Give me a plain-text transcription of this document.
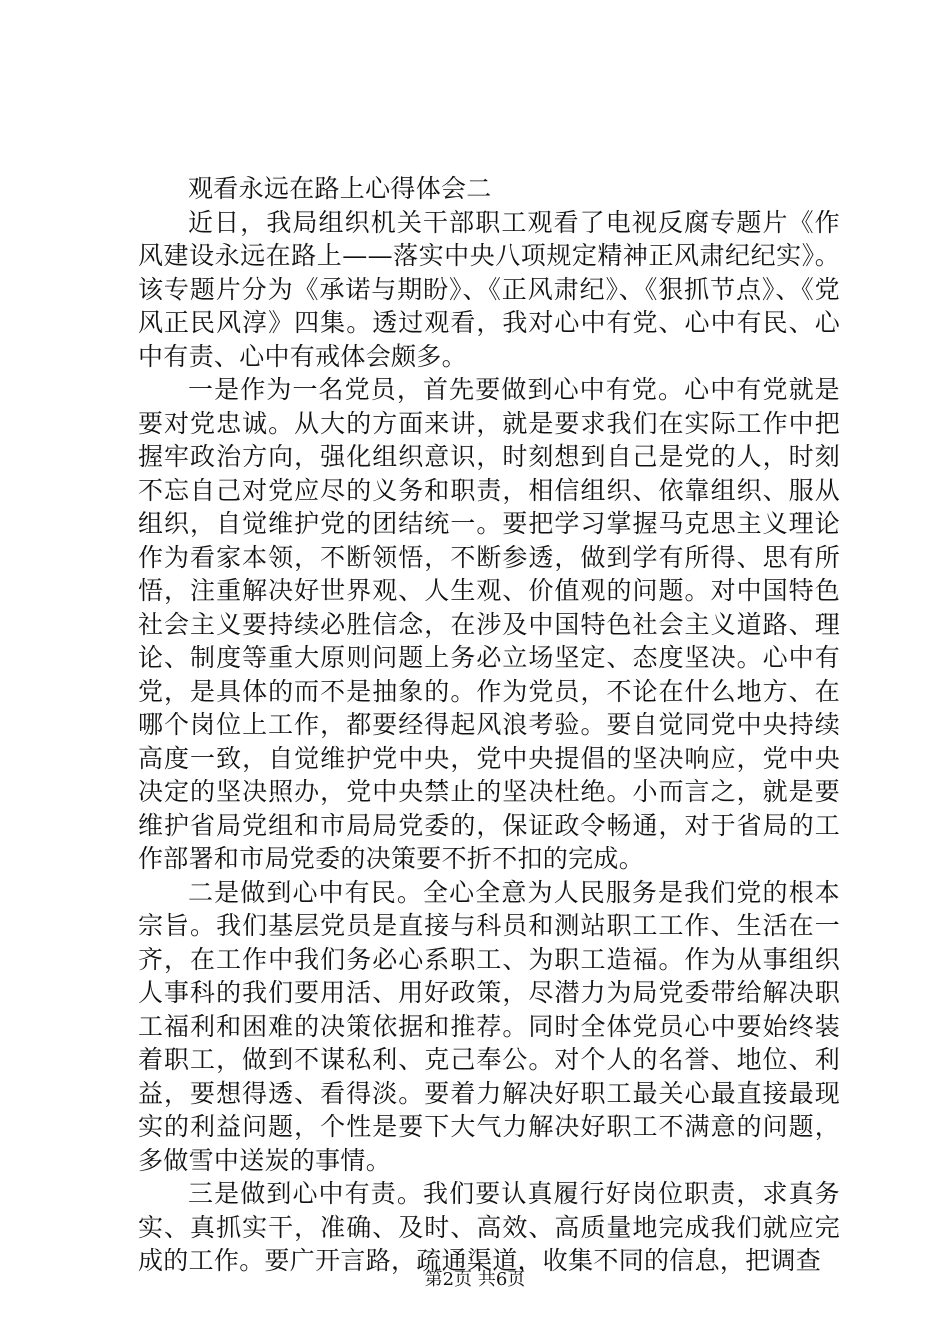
观看永远在路上心得体会二

近日，我局组织机关干部职工观看了电视反腐专题片《作风建设永远在路上——落实中央八项规定精神正风肃纪纪实》。该专题片分为《承诺与期盼》、《正风肃纪》、《狠抓节点》、《党风正民风淳》四集。透过观看，我对心中有党、心中有民、心中有责、心中有戒体会颇多。

一是作为一名党员，首先要做到心中有党。心中有党就是要对党忠诚。从大的方面来讲，就是要求我们在实际工作中把握牢政治方向，强化组织意识，时刻想到自己是党的人，时刻不忘自己对党应尽的义务和职责，相信组织、依靠组织、服从组织，自觉维护党的团结统一。要把学习掌握马克思主义理论作为看家本领，不断领悟，不断参透，做到学有所得、思有所悟，注重解决好世界观、人生观、价值观的问题。对中国特色社会主义要持续必胜信念，在涉及中国特色社会主义道路、理论、制度等重大原则问题上务必立场坚定、态度坚决。心中有党，是具体的而不是抽象的。作为党员，不论在什么地方、在哪个岗位上工作，都要经得起风浪考验。要自觉同党中央持续高度一致，自觉维护党中央，党中央提倡的坚决响应，党中央决定的坚决照办，党中央禁止的坚决杜绝。小而言之，就是要维护省局党组和市局局党委的，保证政令畅通，对于省局的工作部署和市局党委的决策要不折不扣的完成。

二是做到心中有民。全心全意为人民服务是我们党的根本宗旨。我们基层党员是直接与科员和测站职工工作、生活在一齐，在工作中我们务必心系职工、为职工造福。作为从事组织人事科的我们要用活、用好政策，尽潜力为局党委带给解决职工福利和困难的决策依据和推荐。同时全体党员心中要始终装着职工，做到不谋私利、克己奉公。对个人的名誉、地位、利益，要想得透、看得淡。要着力解决好职工最关心最直接最现实的利益问题，个性是要下大气力解决好职工不满意的问题，多做雪中送炭的事情。

三是做到心中有责。我们要认真履行好岗位职责，求真务实、真抓实干，准确、及时、高效、高质量地完成我们就应完成的工作。要广开言路，疏通渠道，收集不同的信息，把调查

第2页 共6页
